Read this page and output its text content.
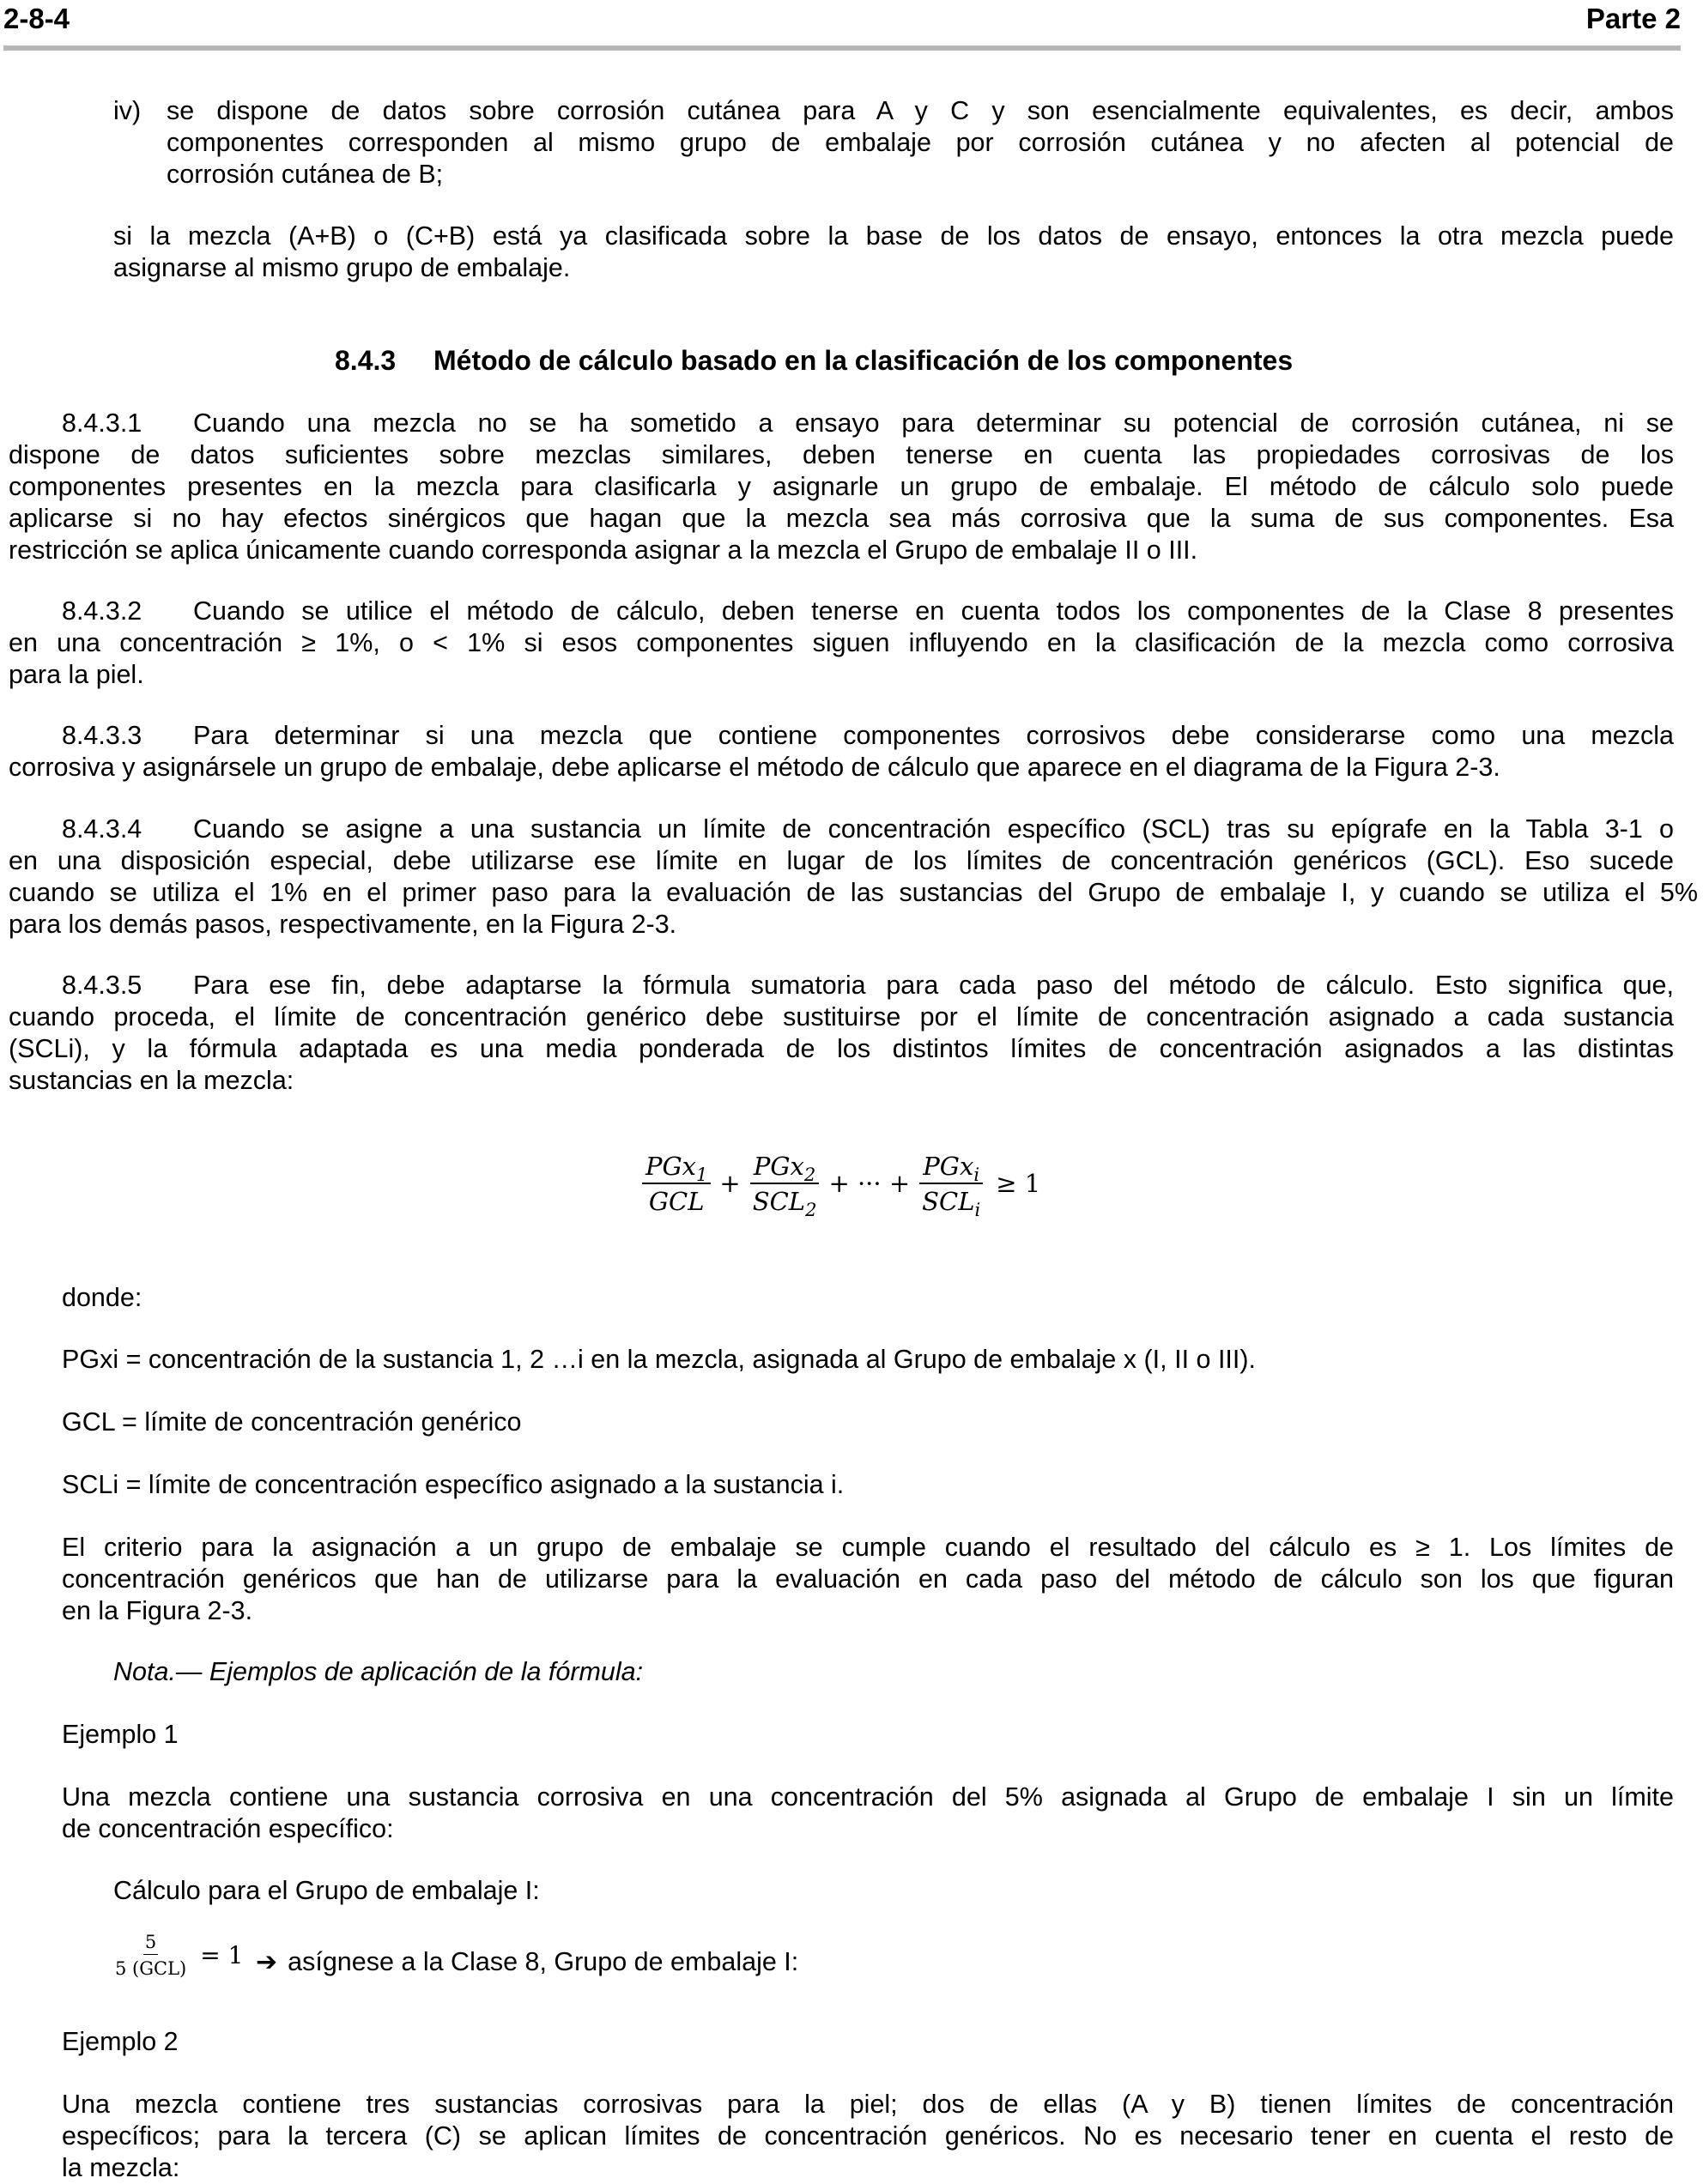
2-8-4	Parte 2
iv) se dispone de datos sobre corrosión cutánea para A y C y son esencialmente equivalentes, es decir, ambos
componentes corresponden al mismo grupo de embalaje por corrosión cutánea y no afecten al potencial de
corrosión cutánea de B;
si la mezcla (A+B) o (C+B) está ya clasificada sobre la base de los datos de ensayo, entonces la otra mezcla puede
asignarse al mismo grupo de embalaje.
8.4.3 Método de cálculo basado en la clasificación de los componentes
8.4.3.1 Cuando una mezcla no se ha sometido a ensayo para determinar su potencial de corrosión cutánea, ni se
dispone de datos suficientes sobre mezclas similares, deben tenerse en cuenta las propiedades corrosivas de los
componentes presentes en la mezcla para clasificarla y asignarle un grupo de embalaje. El método de cálculo solo puede
aplicarse si no hay efectos sinérgicos que hagan que la mezcla sea más corrosiva que la suma de sus componentes. Esa
restricción se aplica únicamente cuando corresponda asignar a la mezcla el Grupo de embalaje II o III.
8.4.3.2 Cuando se utilice el método de cálculo, deben tenerse en cuenta todos los componentes de la Clase 8 presentes
en una concentración ≥ 1%, o < 1% si esos componentes siguen influyendo en la clasificación de la mezcla como corrosiva
para la piel.
8.4.3.3 Para determinar si una mezcla que contiene componentes corrosivos debe considerarse como una mezcla
corrosiva y asignársele un grupo de embalaje, debe aplicarse el método de cálculo que aparece en el diagrama de la Figura 2-3.
8.4.3.4 Cuando se asigne a una sustancia un límite de concentración específico (SCL) tras su epígrafe en la Tabla 3-1 o
en una disposición especial, debe utilizarse ese límite en lugar de los límites de concentración genéricos (GCL). Eso sucede
cuando se utiliza el 1% en el primer paso para la evaluación de las sustancias del Grupo de embalaje I, y cuando se utiliza el 5%
para los demás pasos, respectivamente, en la Figura 2-3.
8.4.3.5 Para ese fin, debe adaptarse la fórmula sumatoria para cada paso del método de cálculo. Esto significa que,
cuando proceda, el límite de concentración genérico debe sustituirse por el límite de concentración asignado a cada sustancia
(SCLi), y la fórmula adaptada es una media ponderada de los distintos límites de concentración asignados a las distintas
sustancias en la mezcla:
$\frac{PGx_1}{\text{GCL}} + \frac{PGx_2}{SCL_2}$ + ··· + $\frac{PGx_i}{SCL_i} \ge 1$
donde:
PGxi = concentración de la sustancia 1, 2 …i en la mezcla, asignada al Grupo de embalaje x (I, II o III).
GCL = límite de concentración genérico
SCLi = límite de concentración específico asignado a la sustancia i.
El criterio para la asignación a un grupo de embalaje se cumple cuando el resultado del cálculo es ≥ 1. Los límites de
concentración genéricos que han de utilizarse para la evaluación en cada paso del método de cálculo son los que figuran
en la Figura 2-3.
Nota.— Ejemplos de aplicación de la fórmula:
Ejemplo 1
Una mezcla contiene una sustancia corrosiva en una concentración del 5% asignada al Grupo de embalaje I sin un límite
de concentración específico:
Cálculo para el Grupo de embalaje I:
$\frac{5}{\text{5 (GCL)}} = 1$ ➔ asígnese a la Clase 8, Grupo de embalaje I:
Ejemplo 2
Una mezcla contiene tres sustancias corrosivas para la piel; dos de ellas (A y B) tienen límites de concentración
específicos; para la tercera (C) se aplican límites de concentración genéricos. No es necesario tener en cuenta el resto de
la mezcla:
